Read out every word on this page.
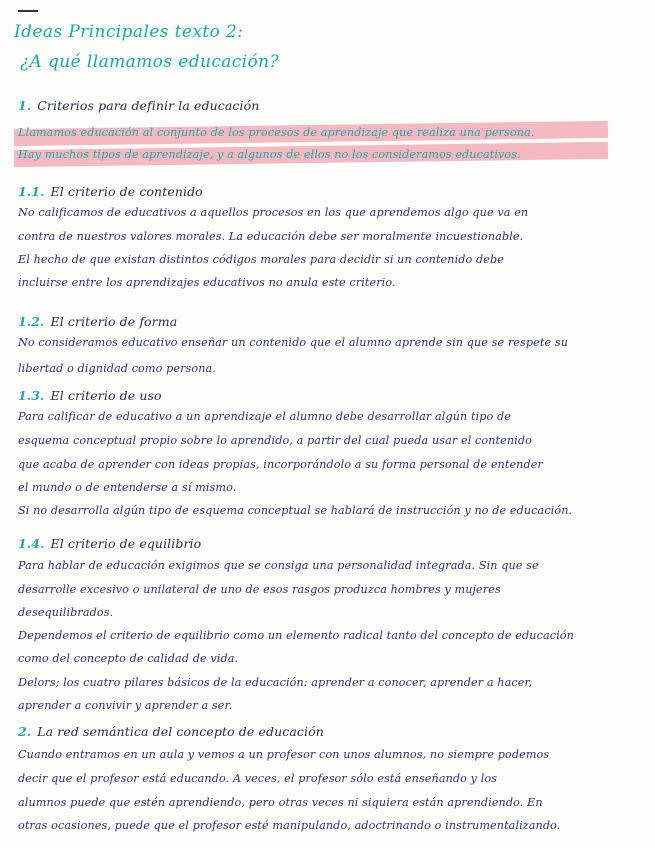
Ideas Principales texto 2:
¿A qué llamamos educación?
1. Criterios para definir la educación
Llamamos educación al conjunto de los procesos de aprendizaje que realiza una persona.
Hay muchos tipos de aprendizaje, y a algunos de ellos no los consideramos educativos.
1.1. El criterio de contenido
No calificamos de educativos a aquellos procesos en los que aprendemos algo que va en
contra de nuestros valores morales. La educación debe ser moralmente incuestionable.
El hecho de que existan distintos códigos morales para decidir si un contenido debe
incluirse entre los aprendizajes educativos no anula este criterio.
1.2. El criterio de forma
No consideramos educativo enseñar un contenido que el alumno aprende sin que se respete su
libertad o dignidad como persona.
1.3. El criterio de uso
Para calificar de educativo a un aprendizaje el alumno debe desarrollar algún tipo de
esquema conceptual propio sobre lo aprendido, a partir del cual pueda usar el contenido
que acaba de aprender con ideas propias, incorporándolo a su forma personal de entender
el mundo o de entenderse a sí mismo.
Si no desarrolla algún tipo de esquema conceptual se hablará de instrucción y no de educación.
1.4. El criterio de equilibrio
Para hablar de educación exigimos que se consiga una personalidad integrada. Sin que se
desarrolle excesivo o unilateral de uno de esos rasgos produzca hombres y mujeres
desequilibrados.
Dependemos el criterio de equilibrio como un elemento radical tanto del concepto de educación
como del concepto de calidad de vida.
Delors; los cuatro pilares básicos de la educación: aprender a conocer, aprender a hacer,
aprender a convivir y aprender a ser.
2. La red semántica del concepto de educación
Cuando entramos en un aula y vemos a un profesor con unos alumnos, no siempre podemos
decir que el profesor está educando. A veces, el profesor sólo está enseñando y los
alumnos puede que estén aprendiendo, pero otras veces ni siquiera están aprendiendo. En
otras ocasiones, puede que el profesor esté manipulando, adoctrinando o instrumentalizando.
